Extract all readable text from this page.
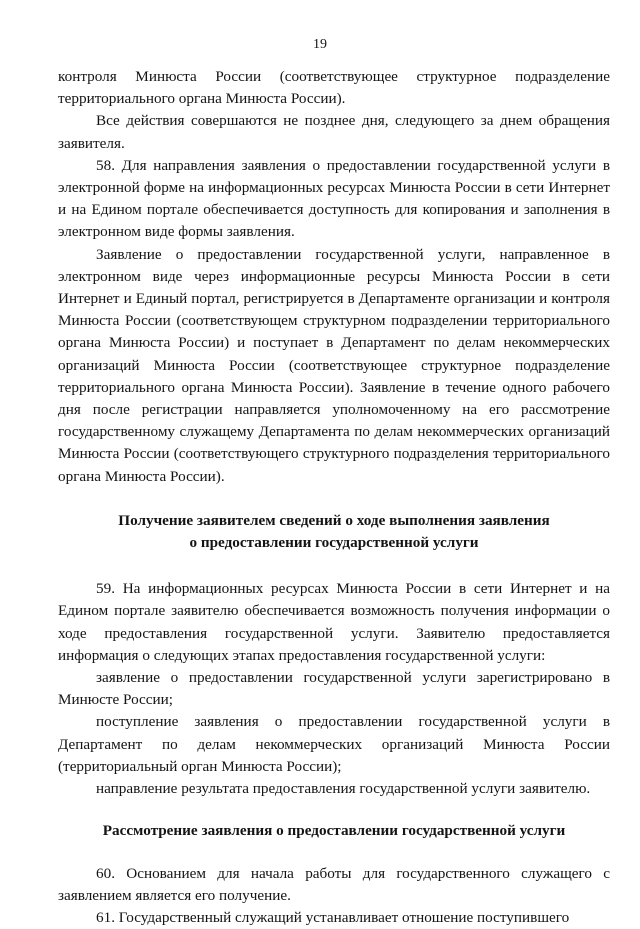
19

контроля Минюста России (соответствующее структурное подразделение территориального органа Минюста России).

Все действия совершаются не позднее дня, следующего за днем обращения заявителя.

58. Для направления заявления о предоставлении государственной услуги в электронной форме на информационных ресурсах Минюста России в сети Интернет и на Едином портале обеспечивается доступность для копирования и заполнения в электронном виде формы заявления.

Заявление о предоставлении государственной услуги, направленное в электронном виде через информационные ресурсы Минюста России в сети Интернет и Единый портал, регистрируется в Департаменте организации и контроля Минюста России (соответствующем структурном подразделении территориального органа Минюста России) и поступает в Департамент по делам некоммерческих организаций Минюста России (соответствующее структурное подразделение территориального органа Минюста России). Заявление в течение одного рабочего дня после регистрации направляется уполномоченному на его рассмотрение государственному служащему Департамента по делам некоммерческих организаций Минюста России (соответствующего структурного подразделения территориального органа Минюста России).

Получение заявителем сведений о ходе выполнения заявления
о предоставлении государственной услуги

59. На информационных ресурсах Минюста России в сети Интернет и на Едином портале заявителю обеспечивается возможность получения информации о ходе предоставления государственной услуги. Заявителю предоставляется информация о следующих этапах предоставления государственной услуги:

заявление о предоставлении государственной услуги зарегистрировано в Минюсте России;

поступление заявления о предоставлении государственной услуги в Департамент по делам некоммерческих организаций Минюста России (территориальный орган Минюста России);

направление результата предоставления государственной услуги заявителю.

Рассмотрение заявления о предоставлении государственной услуги

60. Основанием для начала работы для государственного служащего с заявлением является его получение.

61. Государственный служащий устанавливает отношение поступившего
